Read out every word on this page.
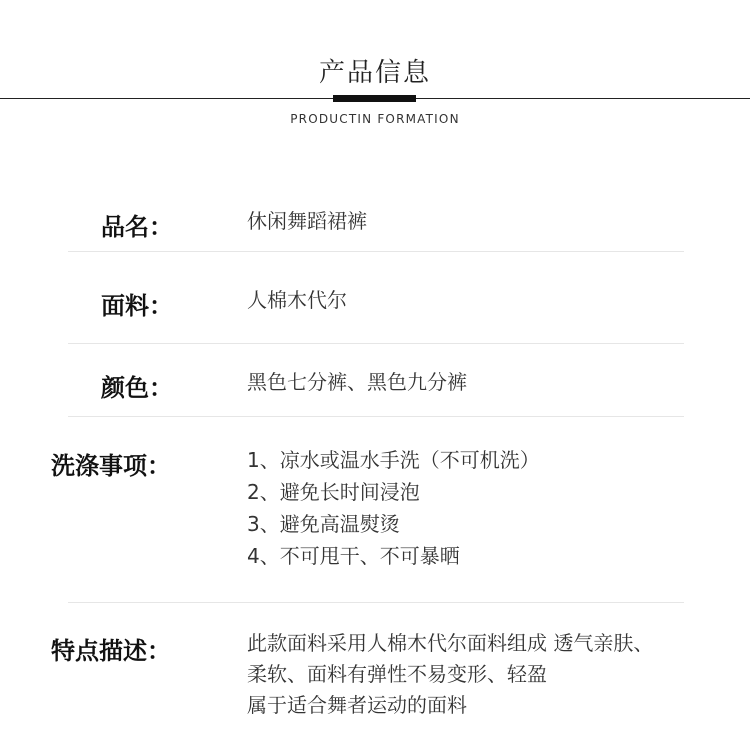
产品信息
PRODUCTIN FORMATION
品名：	休闲舞蹈裙裤
面料：	人棉木代尔
颜色：	黑色七分裤、黑色九分裤
洗涤事项：	1、凉水或温水手洗（不可机洗）
2、避免长时间浸泡
3、避免高温熨烫
4、不可甩干、不可暴晒
特点描述：	此款面料采用人棉木代尔面料组成 透气亲肤、
柔软、面料有弹性不易变形、轻盈
属于适合舞者运动的面料
